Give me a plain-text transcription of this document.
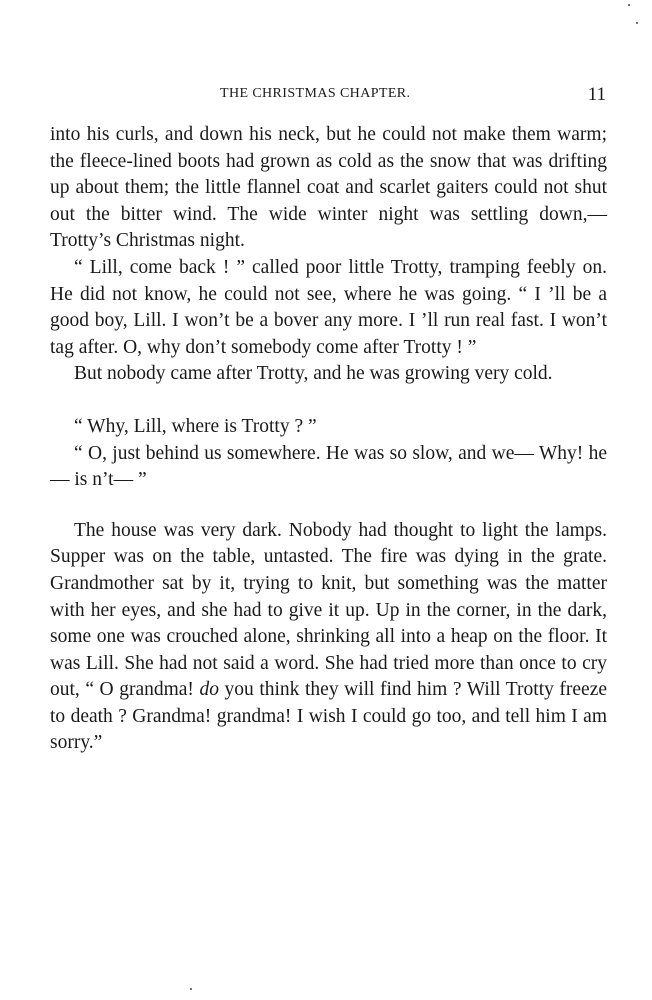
THE CHRISTMAS CHAPTER.	11

into his curls, and down his neck, but he could not make them warm; the fleece-lined boots had grown as cold as the snow that was drifting up about them; the little flannel coat and scarlet gaiters could not shut out the bitter wind. The wide winter night was settling down,— Trotty’s Christmas night.

“ Lill, come back ! ” called poor little Trotty, tramping feebly on. He did not know, he could not see, where he was going. “ I ’ll be a good boy, Lill. I won’t be a bover any more. I ’ll run real fast. I won’t tag after. O, why don’t somebody come after Trotty ! ”

But nobody came after Trotty, and he was growing very cold.

“ Why, Lill, where is Trotty ? ”

“ O, just behind us somewhere. He was so slow, and we— Why! he— is n’t— ”

The house was very dark. Nobody had thought to light the lamps. Supper was on the table, untasted. The fire was dying in the grate. Grandmother sat by it, trying to knit, but something was the matter with her eyes, and she had to give it up. Up in the corner, in the dark, some one was crouched alone, shrinking all into a heap on the floor. It was Lill. She had not said a word. She had tried more than once to cry out, “ O grandma! do you think they will find him ? Will Trotty freeze to death ? Grandma! grandma! I wish I could go too, and tell him I am sorry.”
